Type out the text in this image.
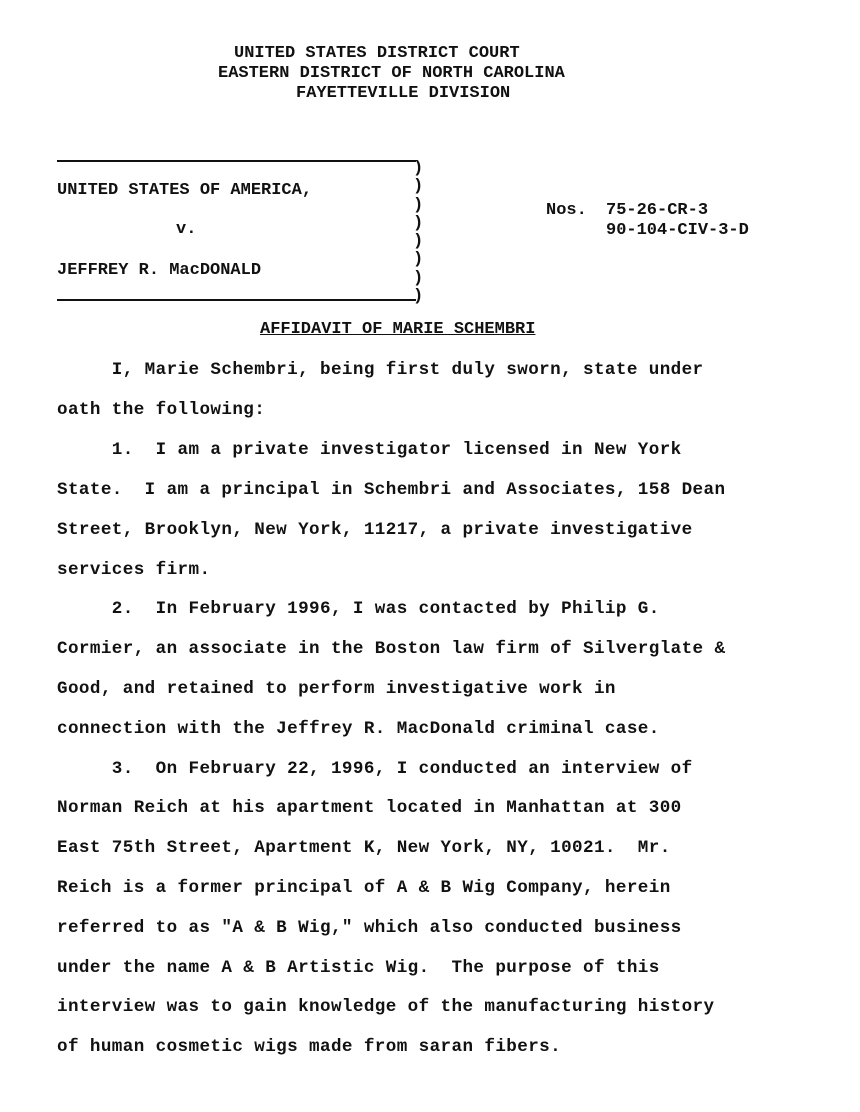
UNITED STATES DISTRICT COURT
EASTERN DISTRICT OF NORTH CAROLINA
FAYETTEVILLE DIVISION
UNITED STATES OF AMERICA,
v.
JEFFREY R. MacDONALD
)
)
)
)
)
)
)
)
Nos. 75-26-CR-3
90-104-CIV-3-D
AFFIDAVIT OF MARIE SCHEMBRI
I, Marie Schembri, being first duly sworn, state under
oath the following:
1.  I am a private investigator licensed in New York
State.  I am a principal in Schembri and Associates, 158 Dean
Street, Brooklyn, New York, 11217, a private investigative
services firm.
2.  In February 1996, I was contacted by Philip G.
Cormier, an associate in the Boston law firm of Silverglate &
Good, and retained to perform investigative work in
connection with the Jeffrey R. MacDonald criminal case.
3.  On February 22, 1996, I conducted an interview of
Norman Reich at his apartment located in Manhattan at 300
East 75th Street, Apartment K, New York, NY, 10021.  Mr.
Reich is a former principal of A & B Wig Company, herein
referred to as "A & B Wig," which also conducted business
under the name A & B Artistic Wig.  The purpose of this
interview was to gain knowledge of the manufacturing history
of human cosmetic wigs made from saran fibers.
